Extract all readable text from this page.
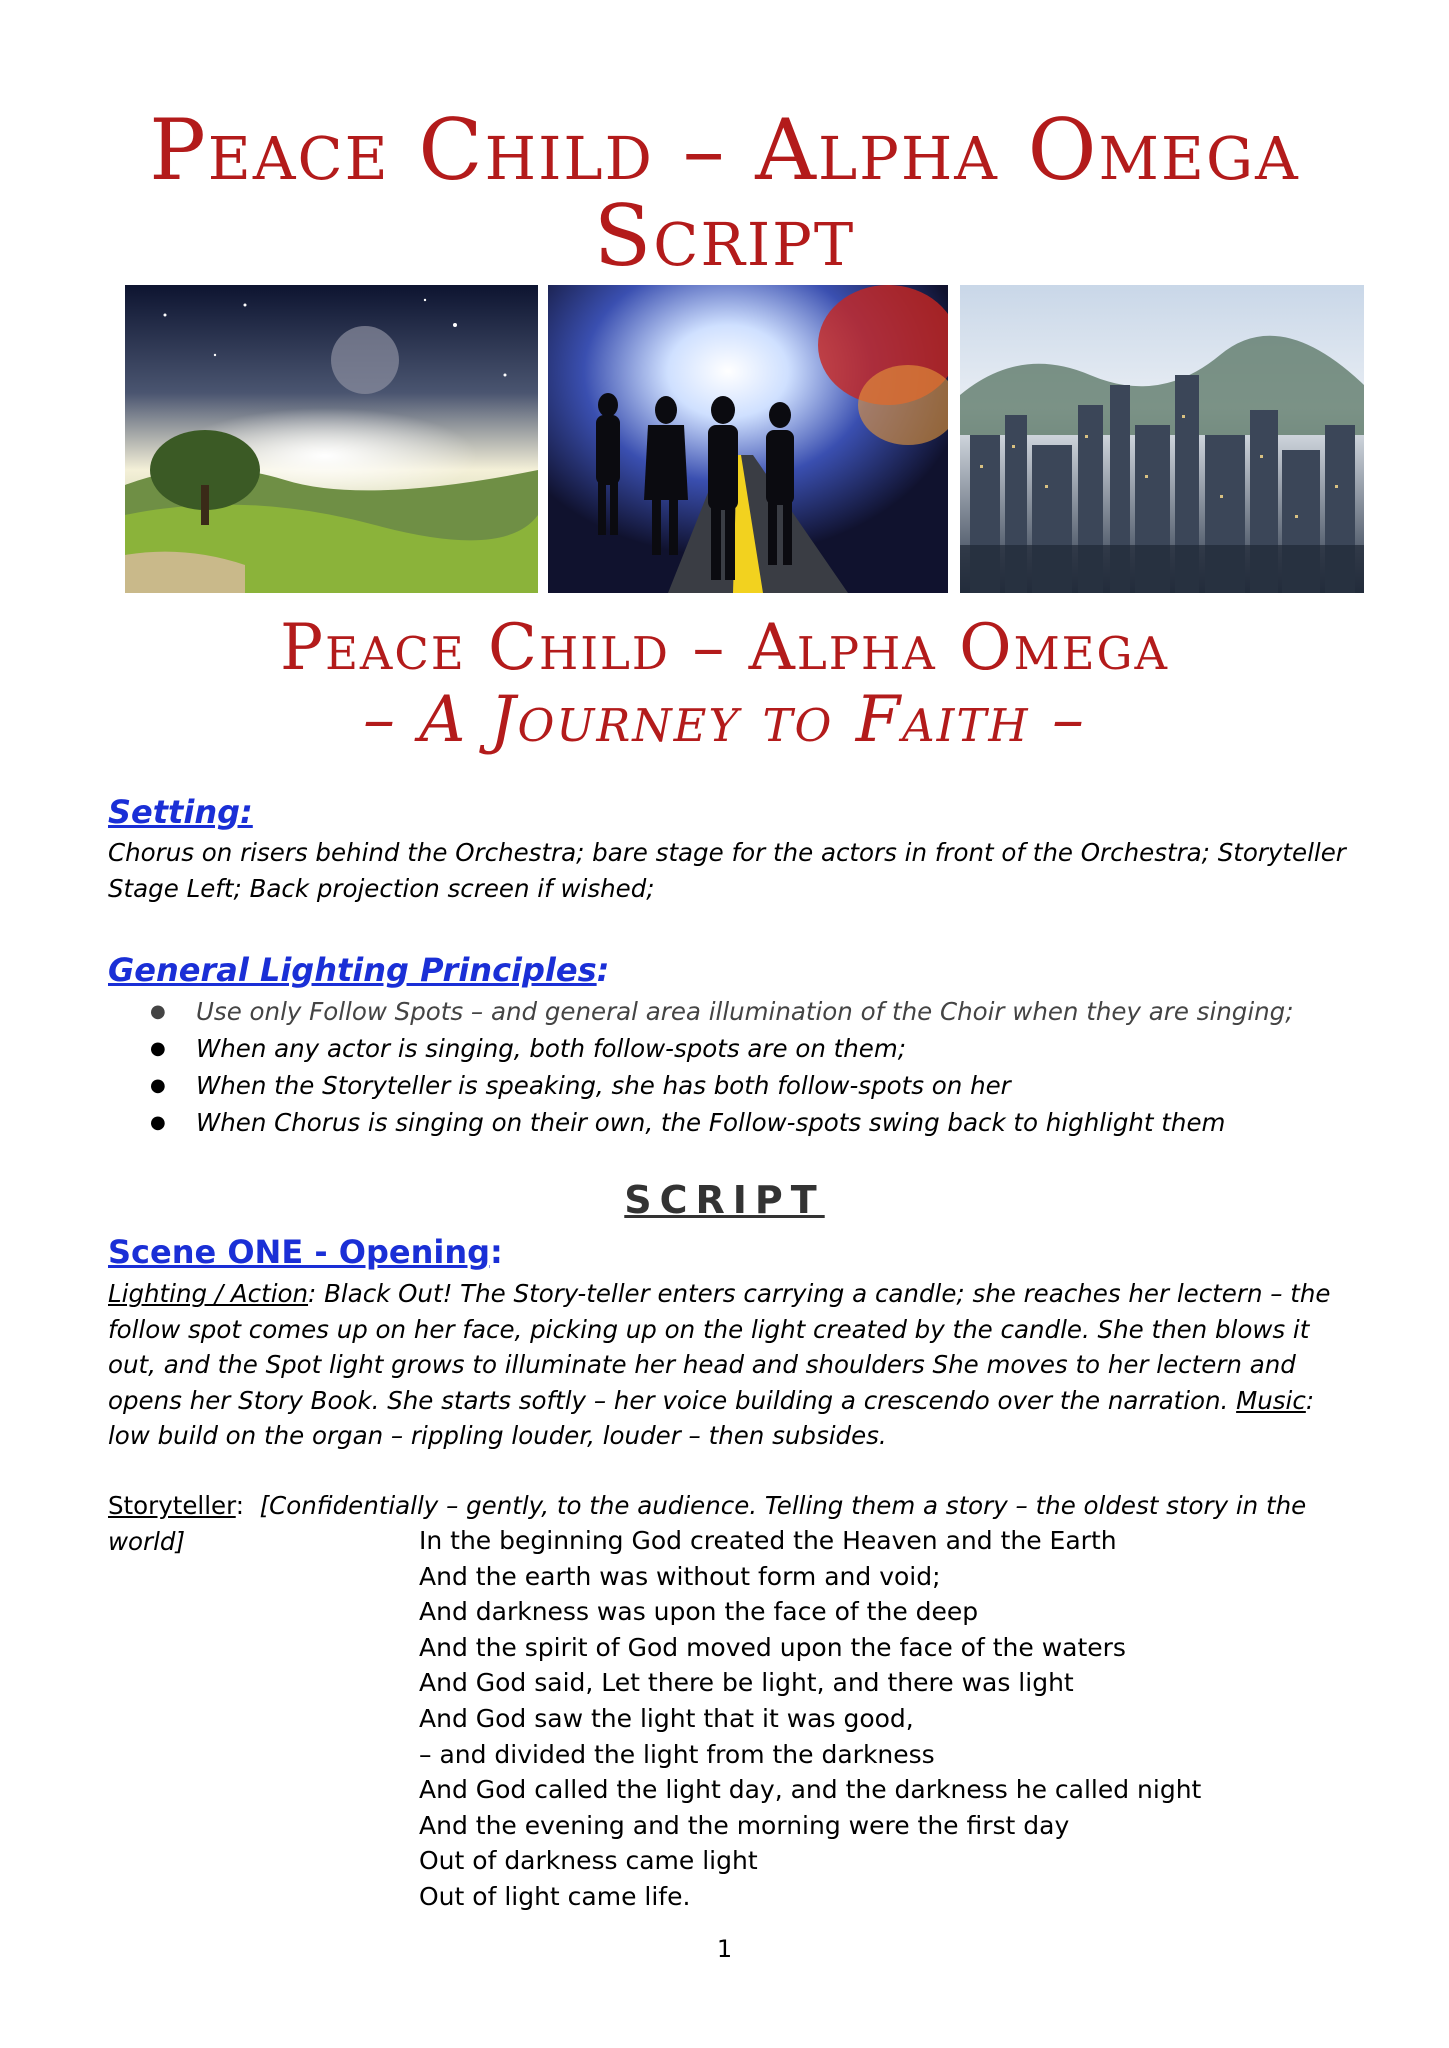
Peace Child – Alpha Omega
Script
Peace Child – Alpha Omega
– A Journey to Faith –
Setting:

Chorus on risers behind the Orchestra; bare stage for the actors in front of the Orchestra; Storyteller Stage Left; Back projection screen if wished;

General Lighting Principles:
● Use only Follow Spots – and general area illumination of the Choir when they are singing;
● When any actor is singing, both follow-spots are on them;
● When the Storyteller is speaking, she has both follow-spots on her
● When Chorus is singing on their own, the Follow-spots swing back to highlight them
SCRIPT
Scene ONE - Opening:

Lighting / Action: Black Out! The Story-teller enters carrying a candle; she reaches her lectern – the follow spot comes up on her face, picking up on the light created by the candle. She then blows it out, and the Spot light grows to illuminate her head and shoulders She moves to her lectern and opens her Story Book. She starts softly – her voice building a crescendo over the narration. Music: low build on the organ – rippling louder, louder – then subsides.

Storyteller: [Confidentially – gently, to the audience. Telling them a story – the oldest story in the world]	In the beginning God created the Heaven and the Earth
And the earth was without form and void;
And darkness was upon the face of the deep
And the spirit of God moved upon the face of the waters
And God said, Let there be light, and there was light
And God saw the light that it was good,
– and divided the light from the darkness
And God called the light day, and the darkness he called night
And the evening and the morning were the first day
Out of darkness came light
Out of light came life.
1
